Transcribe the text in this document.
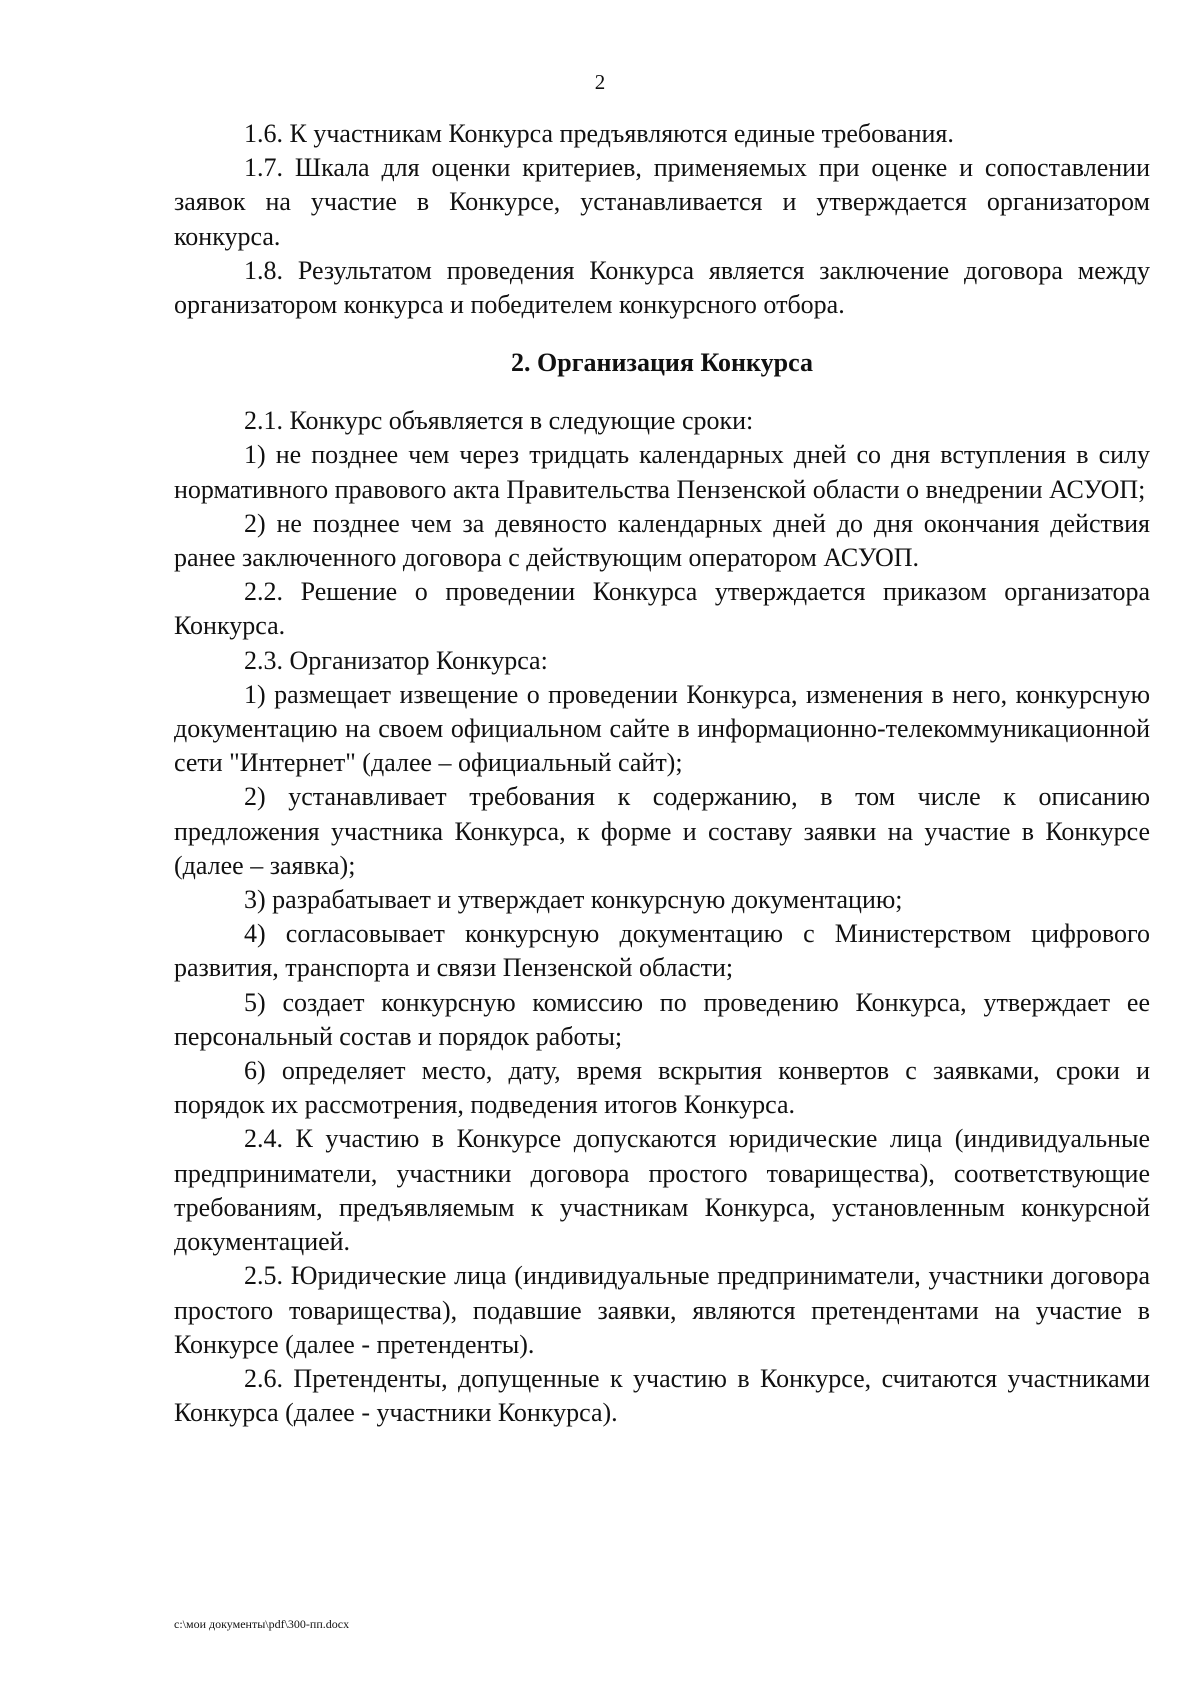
2

1.6. К участникам Конкурса предъявляются единые требования.

1.7. Шкала для оценки критериев, применяемых при оценке и сопоставлении заявок на участие в Конкурсе, устанавливается и утверждается организатором конкурса.

1.8. Результатом проведения Конкурса является заключение договора между организатором конкурса и победителем конкурсного отбора.

2. Организация Конкурса

2.1. Конкурс объявляется в следующие сроки:

1) не позднее чем через тридцать календарных дней со дня вступления в силу нормативного правового акта Правительства Пензенской области о внедрении АСУОП;

2) не позднее чем за девяносто календарных дней до дня окончания действия ранее заключенного договора с действующим оператором АСУОП.

2.2. Решение о проведении Конкурса утверждается приказом организатора Конкурса.

2.3. Организатор Конкурса:

1) размещает извещение о проведении Конкурса, изменения в него, конкурсную документацию на своем официальном сайте в информационно-телекоммуникационной сети "Интернет" (далее – официальный сайт);

2) устанавливает требования к содержанию, в том числе к описанию предложения участника Конкурса, к форме и составу заявки на участие в Конкурсе (далее – заявка);

3) разрабатывает и утверждает конкурсную документацию;

4) согласовывает конкурсную документацию с Министерством цифрового развития, транспорта и связи Пензенской области;

5) создает конкурсную комиссию по проведению Конкурса, утверждает ее персональный состав и порядок работы;

6) определяет место, дату, время вскрытия конвертов с заявками, сроки и порядок их рассмотрения, подведения итогов Конкурса.

2.4. К участию в Конкурсе допускаются юридические лица (индивидуальные предприниматели, участники договора простого товарищества), соответствующие требованиям, предъявляемым к участникам Конкурса, установленным конкурсной документацией.

2.5. Юридические лица (индивидуальные предприниматели, участники договора простого товарищества), подавшие заявки, являются претендентами на участие в Конкурсе (далее - претенденты).

2.6. Претенденты, допущенные к участию в Конкурсе, считаются участниками Конкурса (далее - участники Конкурса).

c:\мои документы\pdf\300-пп.docx
